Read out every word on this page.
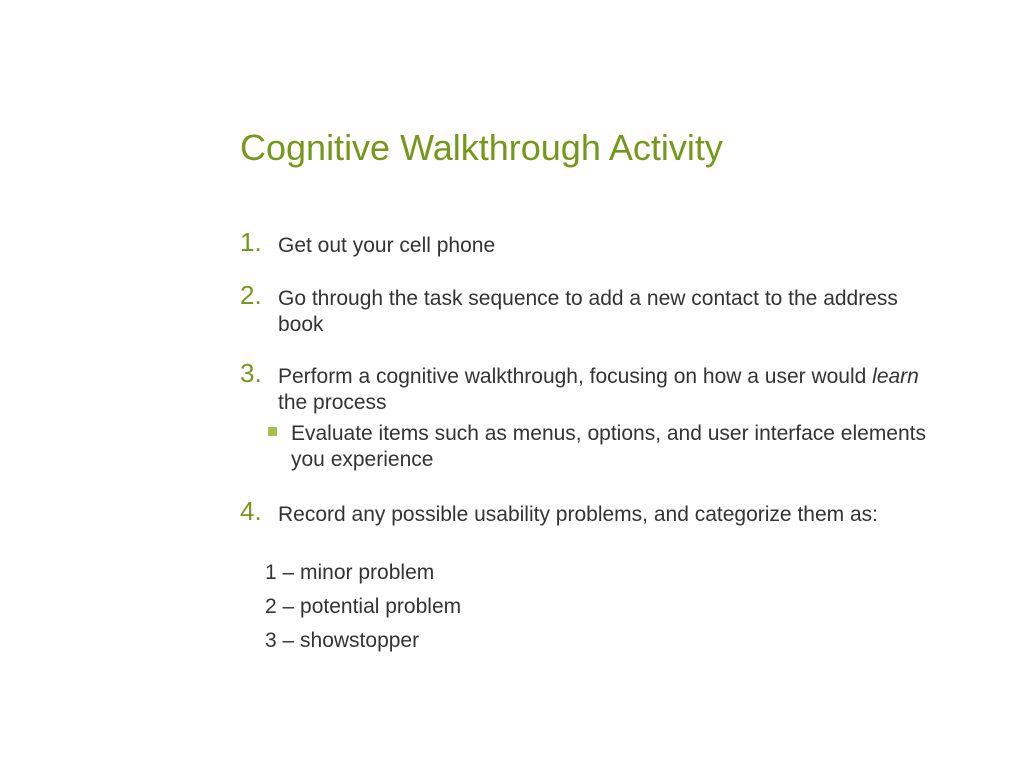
Cognitive Walkthrough Activity
1. Get out your cell phone
2. Go through the task sequence to add a new contact to the address book
3. Perform a cognitive walkthrough, focusing on how a user would learn the process
Evaluate items such as menus, options, and user interface elements you experience
4. Record any possible usability problems, and categorize them as:
1 – minor problem
2 – potential problem
3 – showstopper
